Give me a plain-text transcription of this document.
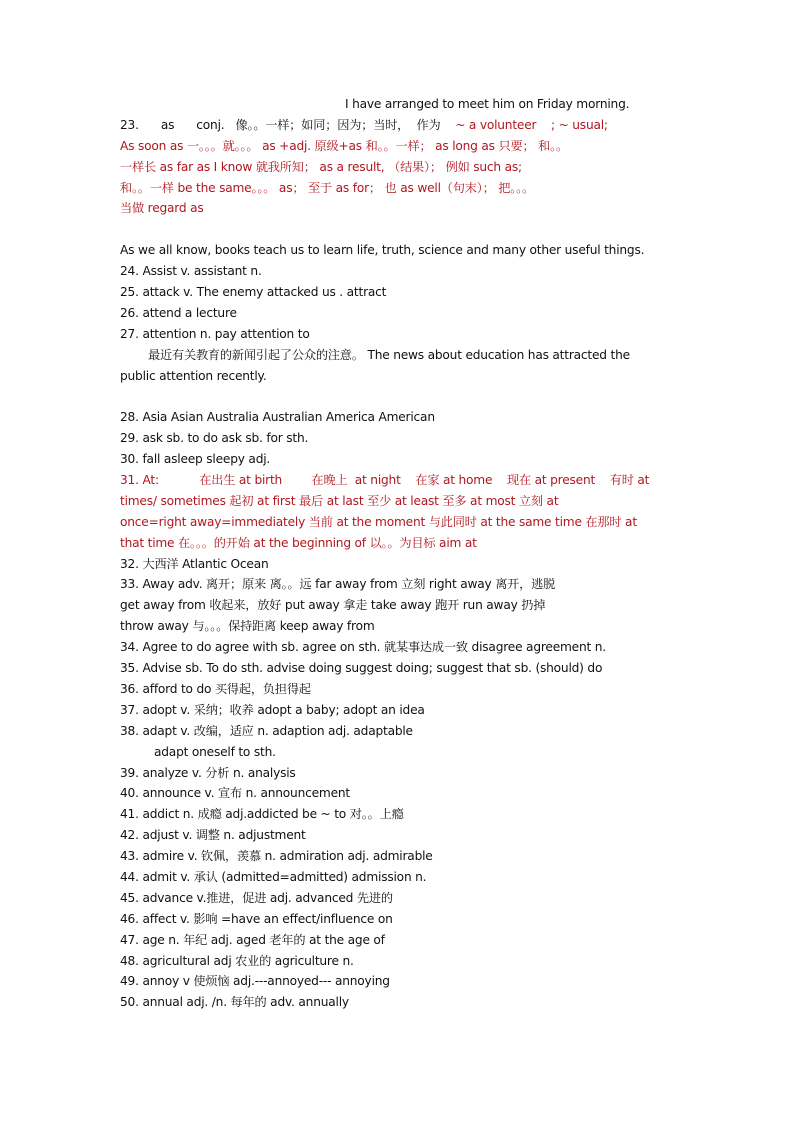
I have arranged to meet him on Friday morning.
23.      as      conj.   像。。一样；如同；因为；当时，  作为    ~ a volunteer    ; ~ usual;
As soon as 一。。。就。。。 as +adj. 原级+as 和。。一样； as long as 只要； 和。。
一样长 as far as I know 就我所知； as a result, （结果）； 例如 such as;
和。。一样 be the same。。。 as； 至于 as for； 也 as well（句末）； 把。。。
当做 regard as
As we all know, books teach us to learn life, truth, science and many other useful things.
24. Assist v. assistant n.
25. attack v. The enemy attacked us . attract
26. attend a lecture
27. attention n. pay attention to
最近有关教育的新闻引起了公众的注意。 The news about education has attracted the
public attention recently.
28. Asia Asian Australia Australian America American
29. ask sb. to do ask sb. for sth.
30. fall asleep sleepy adj.
31. At:           在出生 at birth        在晚上  at night    在家 at home    现在 at present    有时 at
times/ sometimes 起初 at first 最后 at last 至少 at least 至多 at most 立刻 at
once=right away=immediately 当前 at the moment 与此同时 at the same time 在那时 at
that time 在。。。的开始 at the beginning of 以。。为目标 aim at
32. 大西洋 Atlantic Ocean
33. Away adv. 离开；原来 离。。远 far away from 立刻 right away 离开，逃脱
get away from 收起来，放好 put away 拿走 take away 跑开 run away 扔掉
throw away 与。。。保持距离 keep away from
34. Agree to do agree with sb. agree on sth. 就某事达成一致 disagree agreement n.
35. Advise sb. To do sth. advise doing suggest doing; suggest that sb. (should) do
36. afford to do 买得起，负担得起
37. adopt v. 采纳；收养 adopt a baby; adopt an idea
38. adapt v. 改编，适应 n. adaption adj. adaptable
adapt oneself to sth.
39. analyze v. 分析 n. analysis
40. announce v. 宣布 n. announcement
41. addict n. 成瘾 adj.addicted be ~ to 对。。上瘾
42. adjust v. 调整 n. adjustment
43. admire v. 钦佩，羡慕 n. admiration adj. admirable
44. admit v. 承认 (admitted=admitted) admission n.
45. advance v.推进，促进 adj. advanced 先进的
46. affect v. 影响 =have an effect/influence on
47. age n. 年纪 adj. aged 老年的 at the age of
48. agricultural adj 农业的 agriculture n.
49. annoy v 使烦恼 adj.---annoyed--- annoying
50. annual adj. /n. 每年的 adv. annually
